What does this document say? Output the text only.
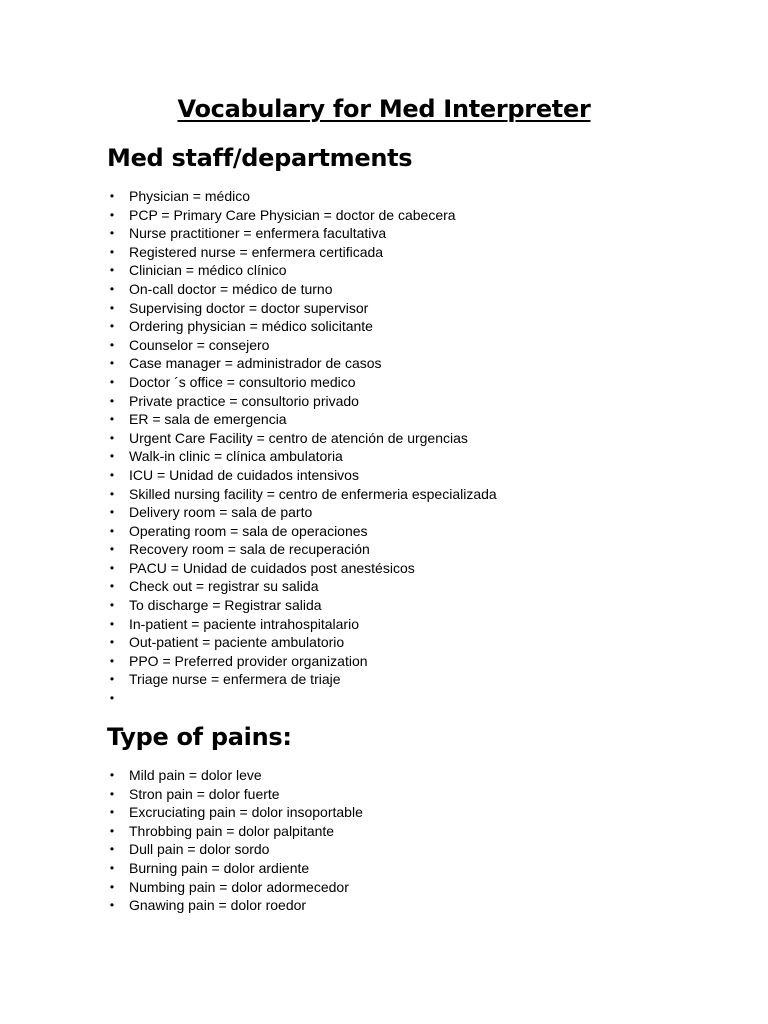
Vocabulary for Med Interpreter
Med staff/departments
• Physician = médico
• PCP = Primary Care Physician = doctor de cabecera
• Nurse practitioner = enfermera facultativa
• Registered nurse = enfermera certificada
• Clinician = médico clínico
• On-call doctor = médico de turno
• Supervising doctor = doctor supervisor
• Ordering physician = médico solicitante
• Counselor = consejero
• Case manager = administrador de casos
• Doctor ´s office = consultorio medico
• Private practice = consultorio privado
• ER = sala de emergencia
• Urgent Care Facility = centro de atención de urgencias
• Walk-in clinic = clínica ambulatoria
• ICU = Unidad de cuidados intensivos
• Skilled nursing facility = centro de enfermeria especializada
• Delivery room = sala de parto
• Operating room = sala de operaciones
• Recovery room = sala de recuperación
• PACU = Unidad de cuidados post anestésicos
• Check out = registrar su salida
• To discharge = Registrar salida
• In-patient = paciente intrahospitalario
• Out-patient = paciente ambulatorio
• PPO = Preferred provider organization
• Triage nurse = enfermera de triaje
•
Type of pains:
• Mild pain = dolor leve
• Stron pain = dolor fuerte
• Excruciating pain = dolor insoportable
• Throbbing pain = dolor palpitante
• Dull pain = dolor sordo
• Burning pain = dolor ardiente
• Numbing pain = dolor adormecedor
• Gnawing pain = dolor roedor
